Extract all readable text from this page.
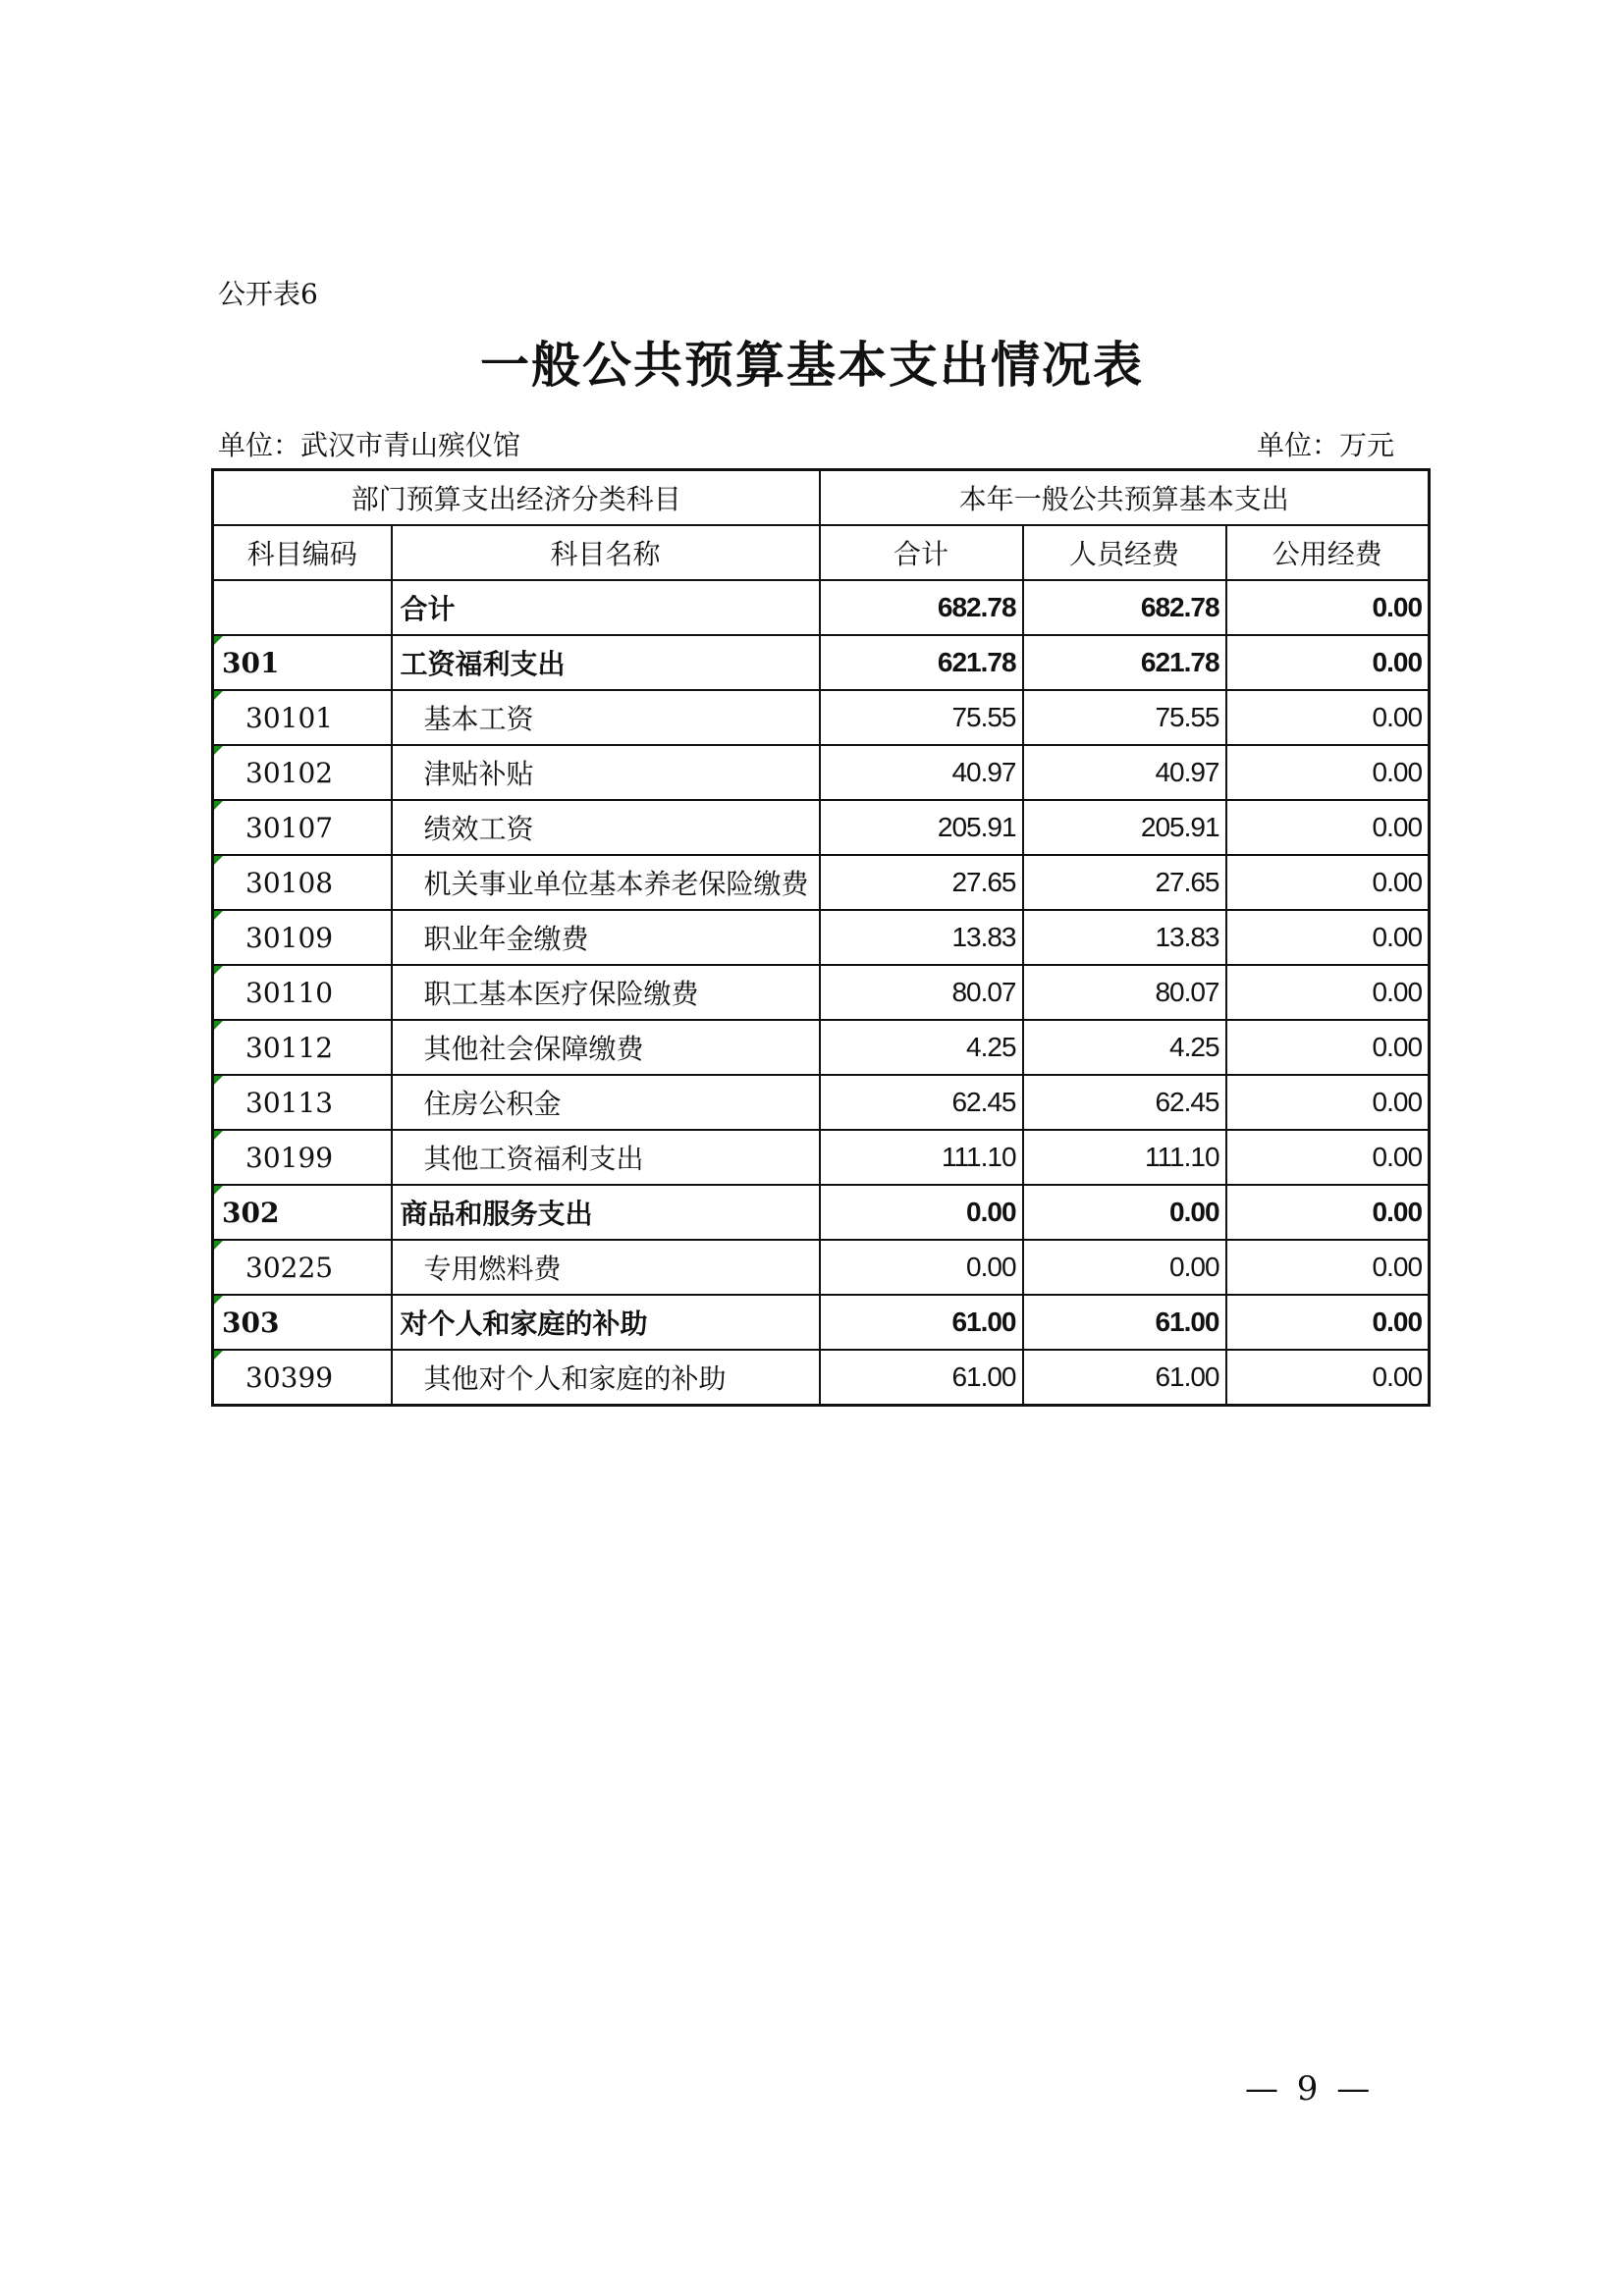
公开表6
一般公共预算基本支出情况表
单位：武汉市青山殡仪馆	单位：万元
部门预算支出经济分类科目		本年一般公共预算基本支出		
科目编码	科目名称	合计	人员经费	公用经费
	合计	682.78	682.78	0.00
301	工资福利支出	621.78	621.78	0.00
30101	基本工资	75.55	75.55	0.00
30102	津贴补贴	40.97	40.97	0.00
30107	绩效工资	205.91	205.91	0.00
30108	机关事业单位基本养老保险缴费	27.65	27.65	0.00
30109	职业年金缴费	13.83	13.83	0.00
30110	职工基本医疗保险缴费	80.07	80.07	0.00
30112	其他社会保障缴费	4.25	4.25	0.00
30113	住房公积金	62.45	62.45	0.00
30199	其他工资福利支出	111.10	111.10	0.00
302	商品和服务支出	0.00	0.00	0.00
30225	专用燃料费	0.00	0.00	0.00
303	对个人和家庭的补助	61.00	61.00	0.00
30399	其他对个人和家庭的补助	61.00	61.00	0.00
— 9 —
